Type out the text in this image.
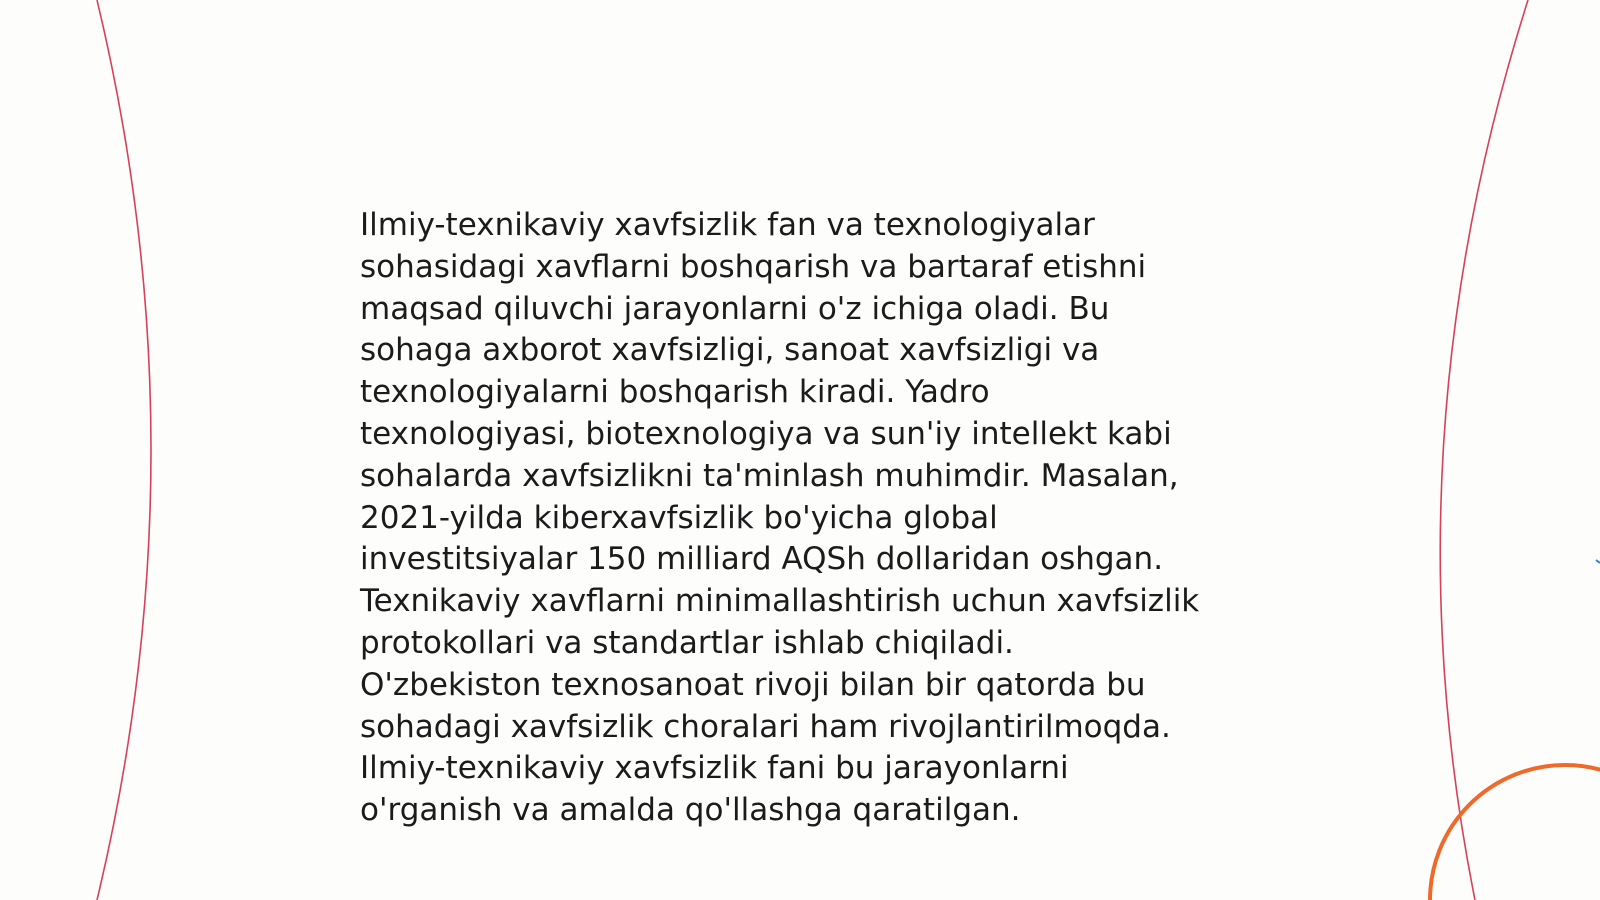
Ilmiy-texnikaviy xavfsizlik fan va texnologiyalar
sohasidagi xavflarni boshqarish va bartaraf etishni
maqsad qiluvchi jarayonlarni o'z ichiga oladi. Bu
sohaga axborot xavfsizligi, sanoat xavfsizligi va
texnologiyalarni boshqarish kiradi. Yadro
texnologiyasi, biotexnologiya va sun'iy intellekt kabi
sohalarda xavfsizlikni ta'minlash muhimdir. Masalan,
2021-yilda kiberxavfsizlik bo'yicha global
investitsiyalar 150 milliard AQSh dollaridan oshgan.
Texnikaviy xavflarni minimallashtirish uchun xavfsizlik
protokollari va standartlar ishlab chiqiladi.
O'zbekiston texnosanoat rivoji bilan bir qatorda bu
sohadagi xavfsizlik choralari ham rivojlantirilmoqda.
Ilmiy-texnikaviy xavfsizlik fani bu jarayonlarni
o'rganish va amalda qo'llashga qaratilgan.
